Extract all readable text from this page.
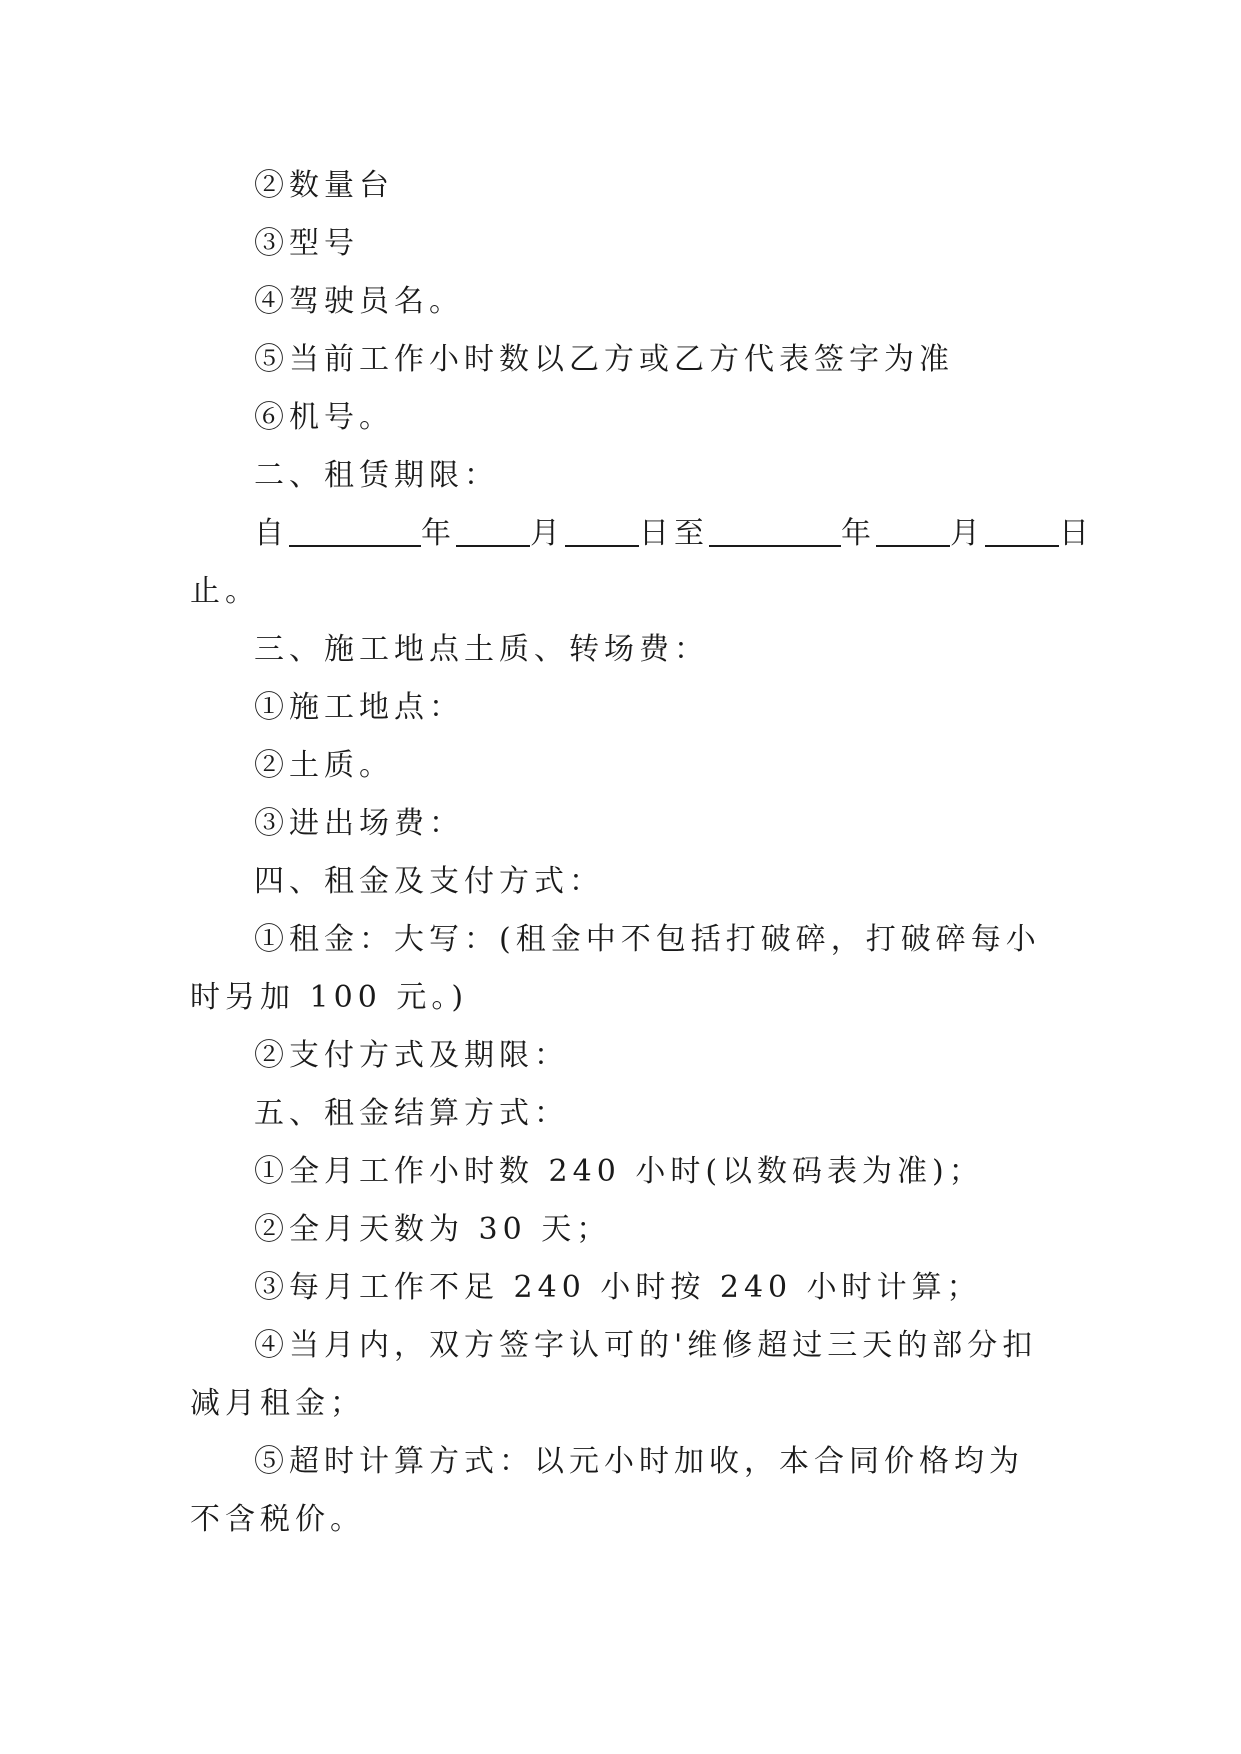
②数量台

③型号

④驾驶员名。

⑤当前工作小时数以乙方或乙方代表签字为准

⑥机号。

二、租赁期限：

自	年 月 日至	年 月 日止。

三、施工地点土质、转场费：

①施工地点：

②土质。

③进出场费：

四、租金及支付方式：

①租金：大写：(租金中不包括打破碎，打破碎每小时另加 100 元。)

②支付方式及期限：

五、租金结算方式：

①全月工作小时数 240 小时(以数码表为准)；

②全月天数为 30 天；

③每月工作不足 240 小时按 240 小时计算；

④当月内，双方签字认可的'维修超过三天的部分扣减月租金；

⑤超时计算方式：以元小时加收，本合同价格均为不含税价。
